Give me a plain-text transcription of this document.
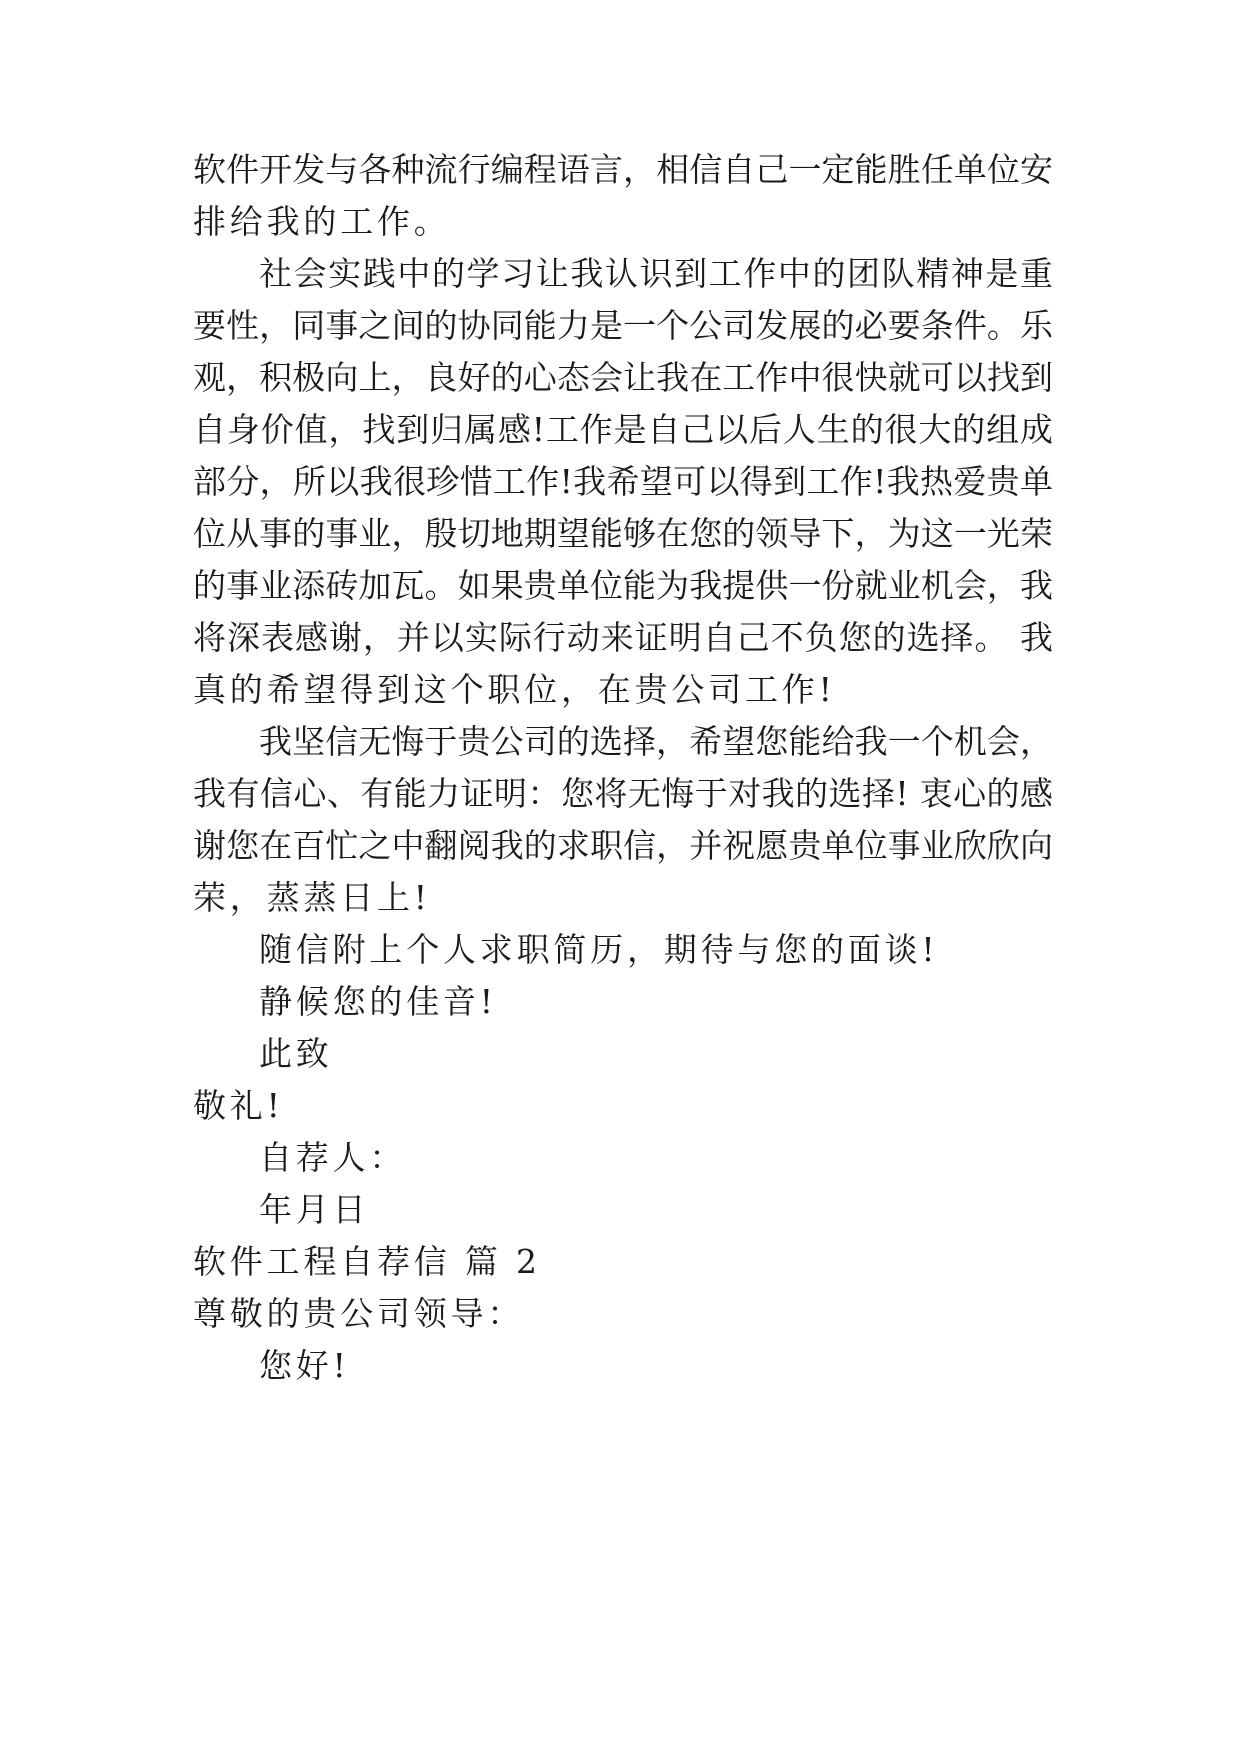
软件开发与各种流行编程语言，相信自己一定能胜任单位安
排给我的工作。
社会实践中的学习让我认识到工作中的团队精神是重
要性，同事之间的协同能力是一个公司发展的必要条件。乐
观，积极向上，良好的心态会让我在工作中很快就可以找到
自身价值，找到归属感!工作是自己以后人生的很大的组成
部分，所以我很珍惜工作!我希望可以得到工作!我热爱贵单
位从事的事业，殷切地期望能够在您的领导下，为这一光荣
的事业添砖加瓦。如果贵单位能为我提供一份就业机会，我
将深表感谢，并以实际行动来证明自己不负您的选择。 我
真的希望得到这个职位，在贵公司工作!
我坚信无悔于贵公司的选择，希望您能给我一个机会，
我有信心、有能力证明：您将无悔于对我的选择! 衷心的感
谢您在百忙之中翻阅我的求职信，并祝愿贵单位事业欣欣向
荣，蒸蒸日上!
随信附上个人求职简历，期待与您的面谈!
静候您的佳音!
此致
敬礼!
自荐人：
年月日
软件工程自荐信 篇 2
尊敬的贵公司领导：
您好!
